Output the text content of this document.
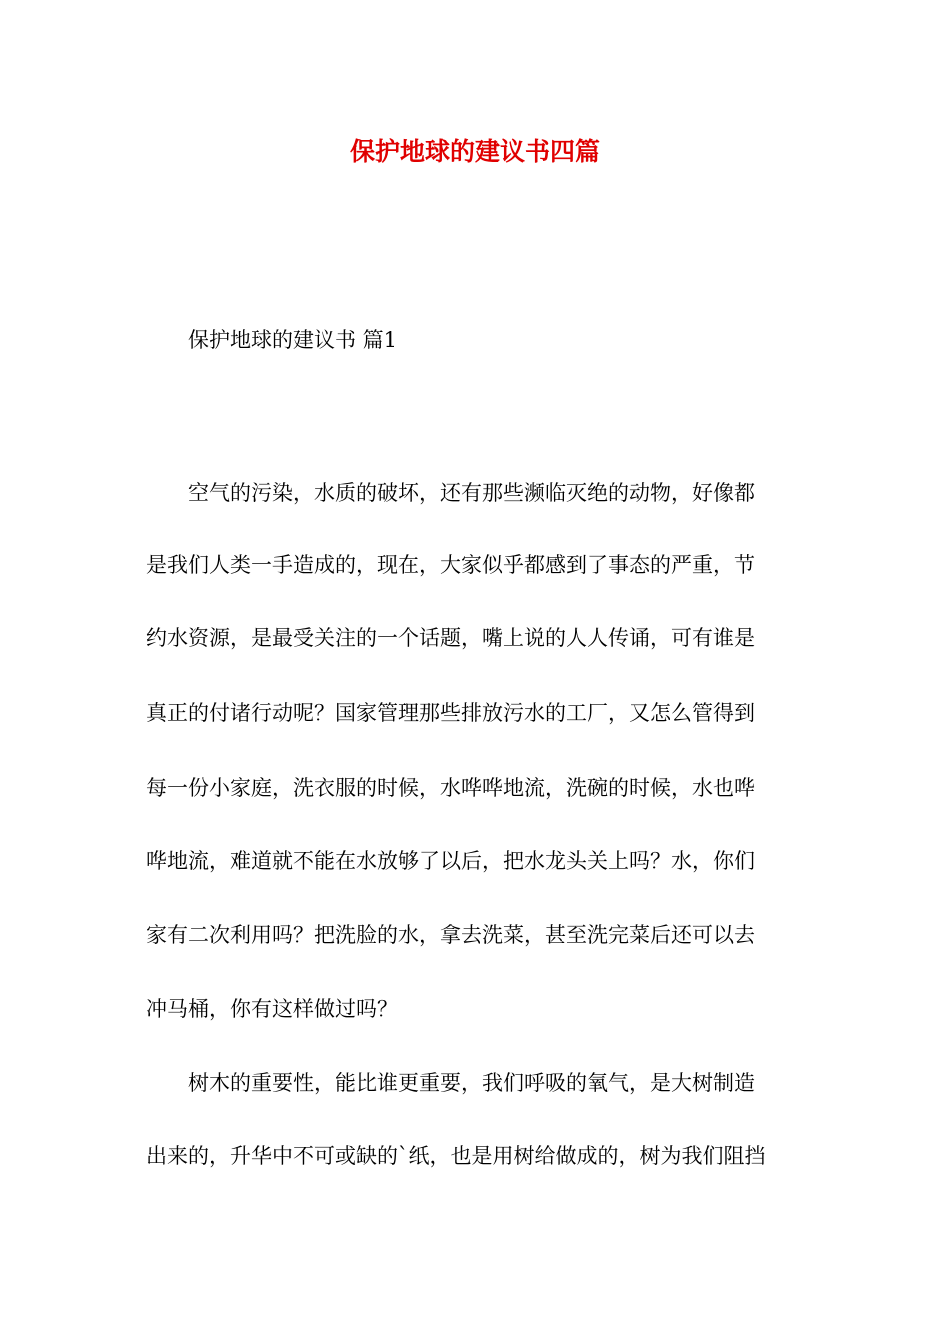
保护地球的建议书四篇
保护地球的建议书 篇1

空气的污染，水质的破坏，还有那些濒临灭绝的动物，好像都

是我们人类一手造成的，现在，大家似乎都感到了事态的严重，节

约水资源，是最受关注的一个话题，嘴上说的人人传诵，可有谁是

真正的付诸行动呢？国家管理那些排放污水的工厂，又怎么管得到

每一份小家庭，洗衣服的时候，水哗哗地流，洗碗的时候，水也哗

哗地流，难道就不能在水放够了以后，把水龙头关上吗？水，你们

家有二次利用吗？把洗脸的水，拿去洗菜，甚至洗完菜后还可以去

冲马桶，你有这样做过吗？

树木的重要性，能比谁更重要，我们呼吸的氧气，是大树制造

出来的，升华中不可或缺的`纸，也是用树给做成的，树为我们阻挡
